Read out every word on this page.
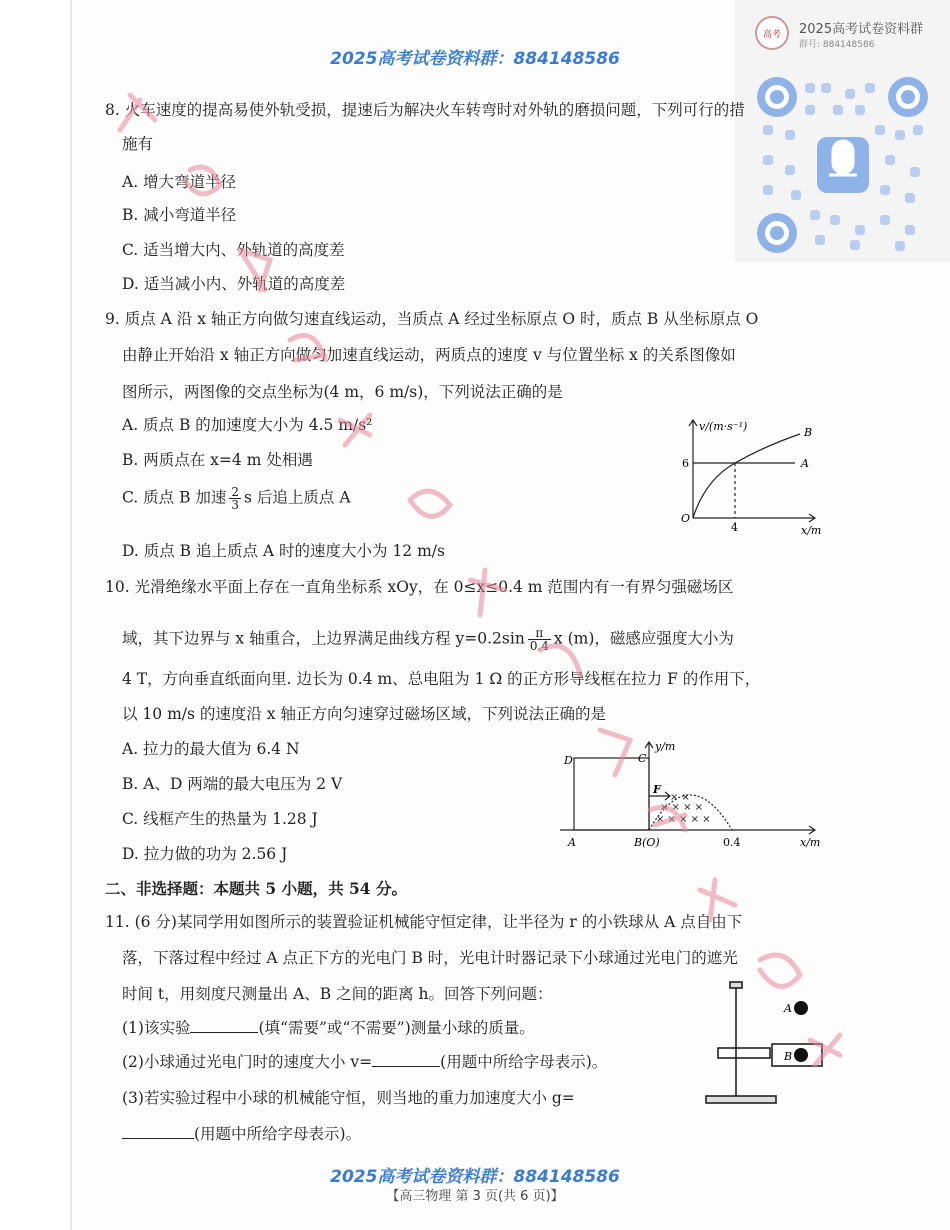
2025高考试卷资料群：884148586
高考	2025高考试卷资料群
群号: 884148586
8. 火车速度的提高易使外轨受损，提速后为解决火车转弯时对外轨的磨损问题，下列可行的措
施有
A. 增大弯道半径
B. 减小弯道半径
C. 适当增大内、外轨道的高度差
D. 适当减小内、外轨道的高度差
9. 质点 A 沿 x 轴正方向做匀速直线运动，当质点 A 经过坐标原点 O 时，质点 B 从坐标原点 O
由静止开始沿 x 轴正方向做匀加速直线运动，两质点的速度 v 与位置坐标 x 的关系图像如
图所示，两图像的交点坐标为(4 m，6 m/s)，下列说法正确的是
A. 质点 B 的加速度大小为 4.5 m/s²
B. 两质点在 x=4 m 处相遇
C. 质点 B 加速 $\frac{2}{3}$ s 后追上质点 A
D. 质点 B 追上质点 A 时的速度大小为 12 m/s
v/(m·s⁻¹)
x/m
6
4
O
A
B
10. 光滑绝缘水平面上存在一直角坐标系 xOy，在 0≤x≤0.4 m 范围内有一有界匀强磁场区
域，其下边界与 x 轴重合，上边界满足曲线方程 $y=0.2\sin \frac{\pi}{0.4}$ x (m)，磁感应强度大小为
4 T，方向垂直纸面向里. 边长为 0.4 m、总电阻为 1 Ω 的正方形导线框在拉力 F 的作用下，
以 10 m/s 的速度沿 x 轴正方向匀速穿过磁场区域，下列说法正确的是
A. 拉力的最大值为 6.4 N
B. A、D 两端的最大电压为 2 V
C. 线框产生的热量为 1.28 J
D. 拉力做的功为 2.56 J
× × × ×
× × × × ×
× ×
y/m
x/m
0.4
D	C
A	B(O)
F
二、非选择题：本题共 5 小题，共 54 分。
11. (6 分)某同学用如图所示的装置验证机械能守恒定律，让半径为 r 的小铁球从 A 点自由下
落，下落过程中经过 A 点正下方的光电门 B 时，光电计时器记录下小球通过光电门的遮光
时间 t，用刻度尺测量出 A、B 之间的距离 h。回答下列问题：
(1)该实验	(填“需要”或“不需要”)测量小球的质量。
(2)小球通过光电门时的速度大小 v=	(用题中所给字母表示)。
(3)若实验过程中小球的机械能守恒，则当地的重力加速度大小 g=
(用题中所给字母表示)。
A
B
2025高考试卷资料群：884148586
【高三物理 第 3 页(共 6 页)】
